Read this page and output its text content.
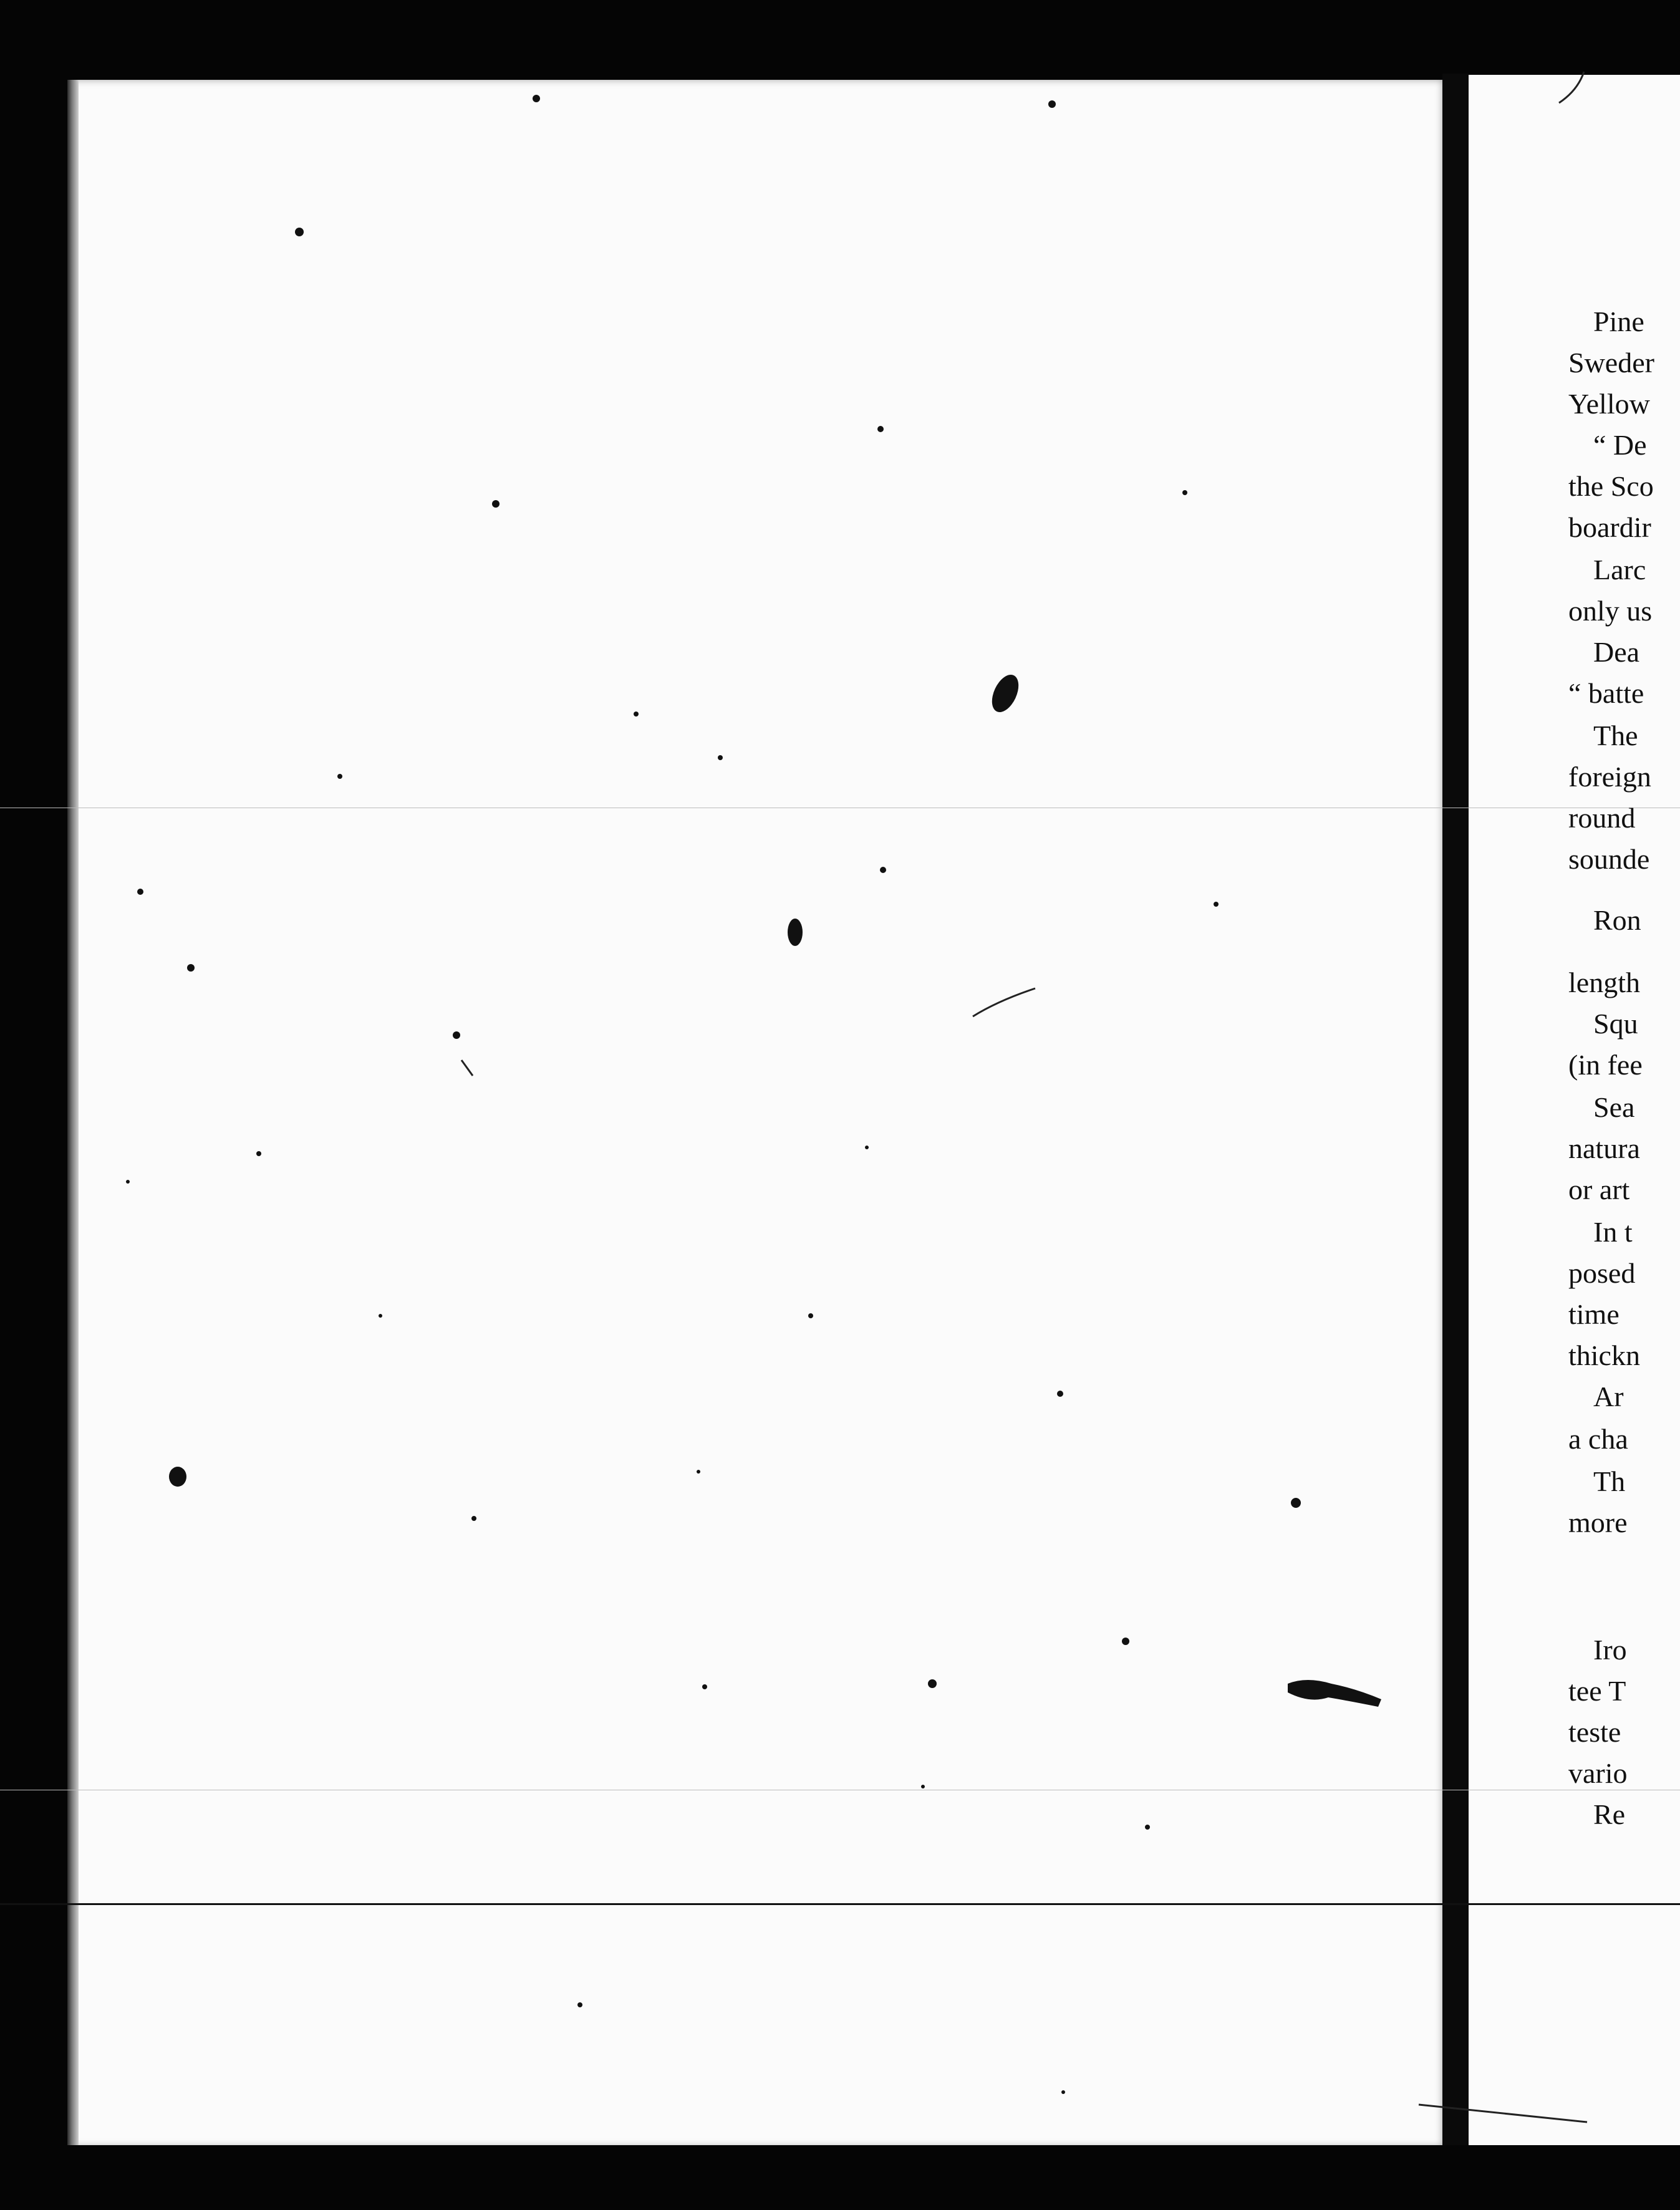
Pine
Sweder
Yellow
“ De
the Sco
boardir
Larc
only us
Dea
“ batte
The
foreign
round
sounde
Ron
length
Squ
(in fee
Sea
natura
or art
In t
posed
time
thickn
Ar
a cha
Th
more
Iro
tee T
teste
vario
Re
